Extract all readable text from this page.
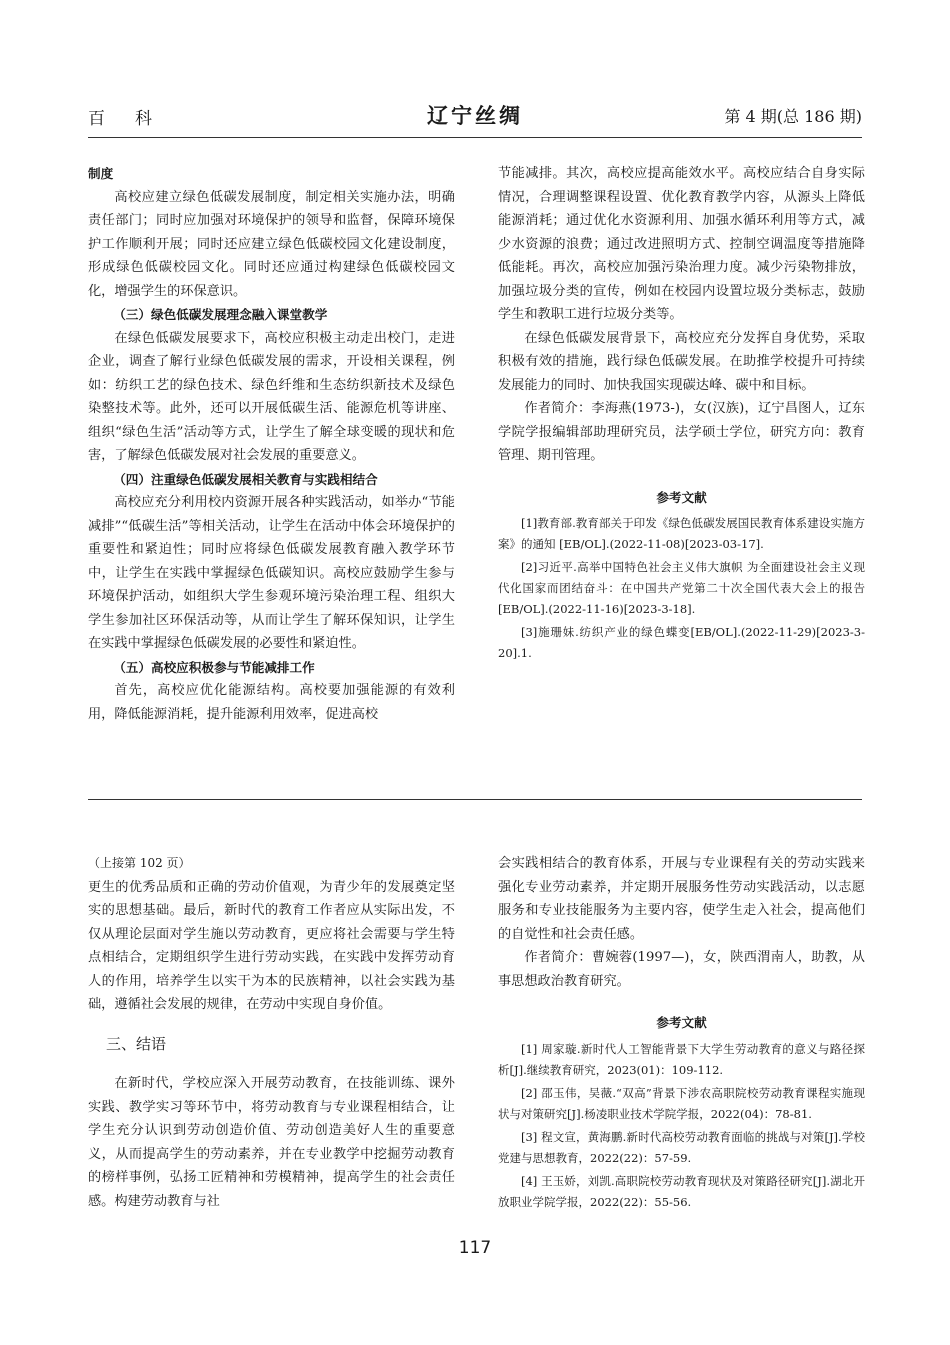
百科	辽宁丝绸	第 4 期(总 186 期)

制度

高校应建立绿色低碳发展制度，制定相关实施办法，明确责任部门；同时应加强对环境保护的领导和监督，保障环境保护工作顺利开展；同时还应建立绿色低碳校园文化建设制度，形成绿色低碳校园文化。同时还应通过构建绿色低碳校园文化，增强学生的环保意识。

（三）绿色低碳发展理念融入课堂教学

在绿色低碳发展要求下，高校应积极主动走出校门，走进企业，调查了解行业绿色低碳发展的需求，开设相关课程，例如：纺织工艺的绿色技术、绿色纤维和生态纺织新技术及绿色染整技术等。此外，还可以开展低碳生活、能源危机等讲座、组织“绿色生活”活动等方式，让学生了解全球变暖的现状和危害，了解绿色低碳发展对社会发展的重要意义。

（四）注重绿色低碳发展相关教育与实践相结合

高校应充分利用校内资源开展各种实践活动，如举办“节能减排”“低碳生活”等相关活动，让学生在活动中体会环境保护的重要性和紧迫性；同时应将绿色低碳发展教育融入教学环节中，让学生在实践中掌握绿色低碳知识。高校应鼓励学生参与环境保护活动，如组织大学生参观环境污染治理工程、组织大学生参加社区环保活动等，从而让学生了解环保知识，让学生在实践中掌握绿色低碳发展的必要性和紧迫性。

（五）高校应积极参与节能减排工作

首先，高校应优化能源结构。高校要加强能源的有效利用，降低能源消耗，提升能源利用效率，促进高校

节能减排。其次，高校应提高能效水平。高校应结合自身实际情况，合理调整课程设置、优化教育教学内容，从源头上降低能源消耗；通过优化水资源利用、加强水循环利用等方式，减少水资源的浪费；通过改进照明方式、控制空调温度等措施降低能耗。再次，高校应加强污染治理力度。减少污染物排放，加强垃圾分类的宣传，例如在校园内设置垃圾分类标志，鼓励学生和教职工进行垃圾分类等。

在绿色低碳发展背景下，高校应充分发挥自身优势，采取积极有效的措施，践行绿色低碳发展。在助推学校提升可持续发展能力的同时、加快我国实现碳达峰、碳中和目标。

作者简介：李海燕(1973-)，女(汉族)，辽宁昌图人，辽东学院学报编辑部助理研究员，法学硕士学位，研究方向：教育管理、期刊管理。

参考文献

[1]教育部.教育部关于印发《绿色低碳发展国民教育体系建设实施方案》的通知 [EB/OL].(2022-11-08)[2023-03-17].

[2]习近平.高举中国特色社会主义伟大旗帜 为全面建设社会主义现代化国家而团结奋斗：在中国共产党第二十次全国代表大会上的报告[EB/OL].(2022-11-16)[2023-3-18].

[3]施珊妹.纺织产业的绿色蝶变[EB/OL].(2022-11-29)[2023-3-20].1.

（上接第 102 页）

更生的优秀品质和正确的劳动价值观，为青少年的发展奠定坚实的思想基础。最后，新时代的教育工作者应从实际出发，不仅从理论层面对学生施以劳动教育，更应将社会需要与学生特点相结合，定期组织学生进行劳动实践，在实践中发挥劳动育人的作用，培养学生以实干为本的民族精神，以社会实践为基础，遵循社会发展的规律，在劳动中实现自身价值。

三、结语

在新时代，学校应深入开展劳动教育，在技能训练、课外实践、教学实习等环节中，将劳动教育与专业课程相结合，让学生充分认识到劳动创造价值、劳动创造美好人生的重要意义，从而提高学生的劳动素养，并在专业教学中挖掘劳动教育的榜样事例，弘扬工匠精神和劳模精神，提高学生的社会责任感。构建劳动教育与社

会实践相结合的教育体系，开展与专业课程有关的劳动实践来强化专业劳动素养，并定期开展服务性劳动实践活动，以志愿服务和专业技能服务为主要内容，使学生走入社会，提高他们的自觉性和社会责任感。

作者简介：曹婉蓉(1997—)，女，陕西渭南人，助教，从事思想政治教育研究。

参考文献

[1] 周家璇.新时代人工智能背景下大学生劳动教育的意义与路径探析[J].继续教育研究，2023(01)：109-112.

[2] 邵玉伟，吴薇.“双高”背景下涉农高职院校劳动教育课程实施现状与对策研究[J].杨凌职业技术学院学报，2022(04)：78-81.

[3] 程文宣，黄海鹏.新时代高校劳动教育面临的挑战与对策[J].学校党建与思想教育，2022(22)：57-59.

[4] 王玉娇，刘凯.高职院校劳动教育现状及对策路径研究[J].湖北开放职业学院学报，2022(22)：55-56.

117
